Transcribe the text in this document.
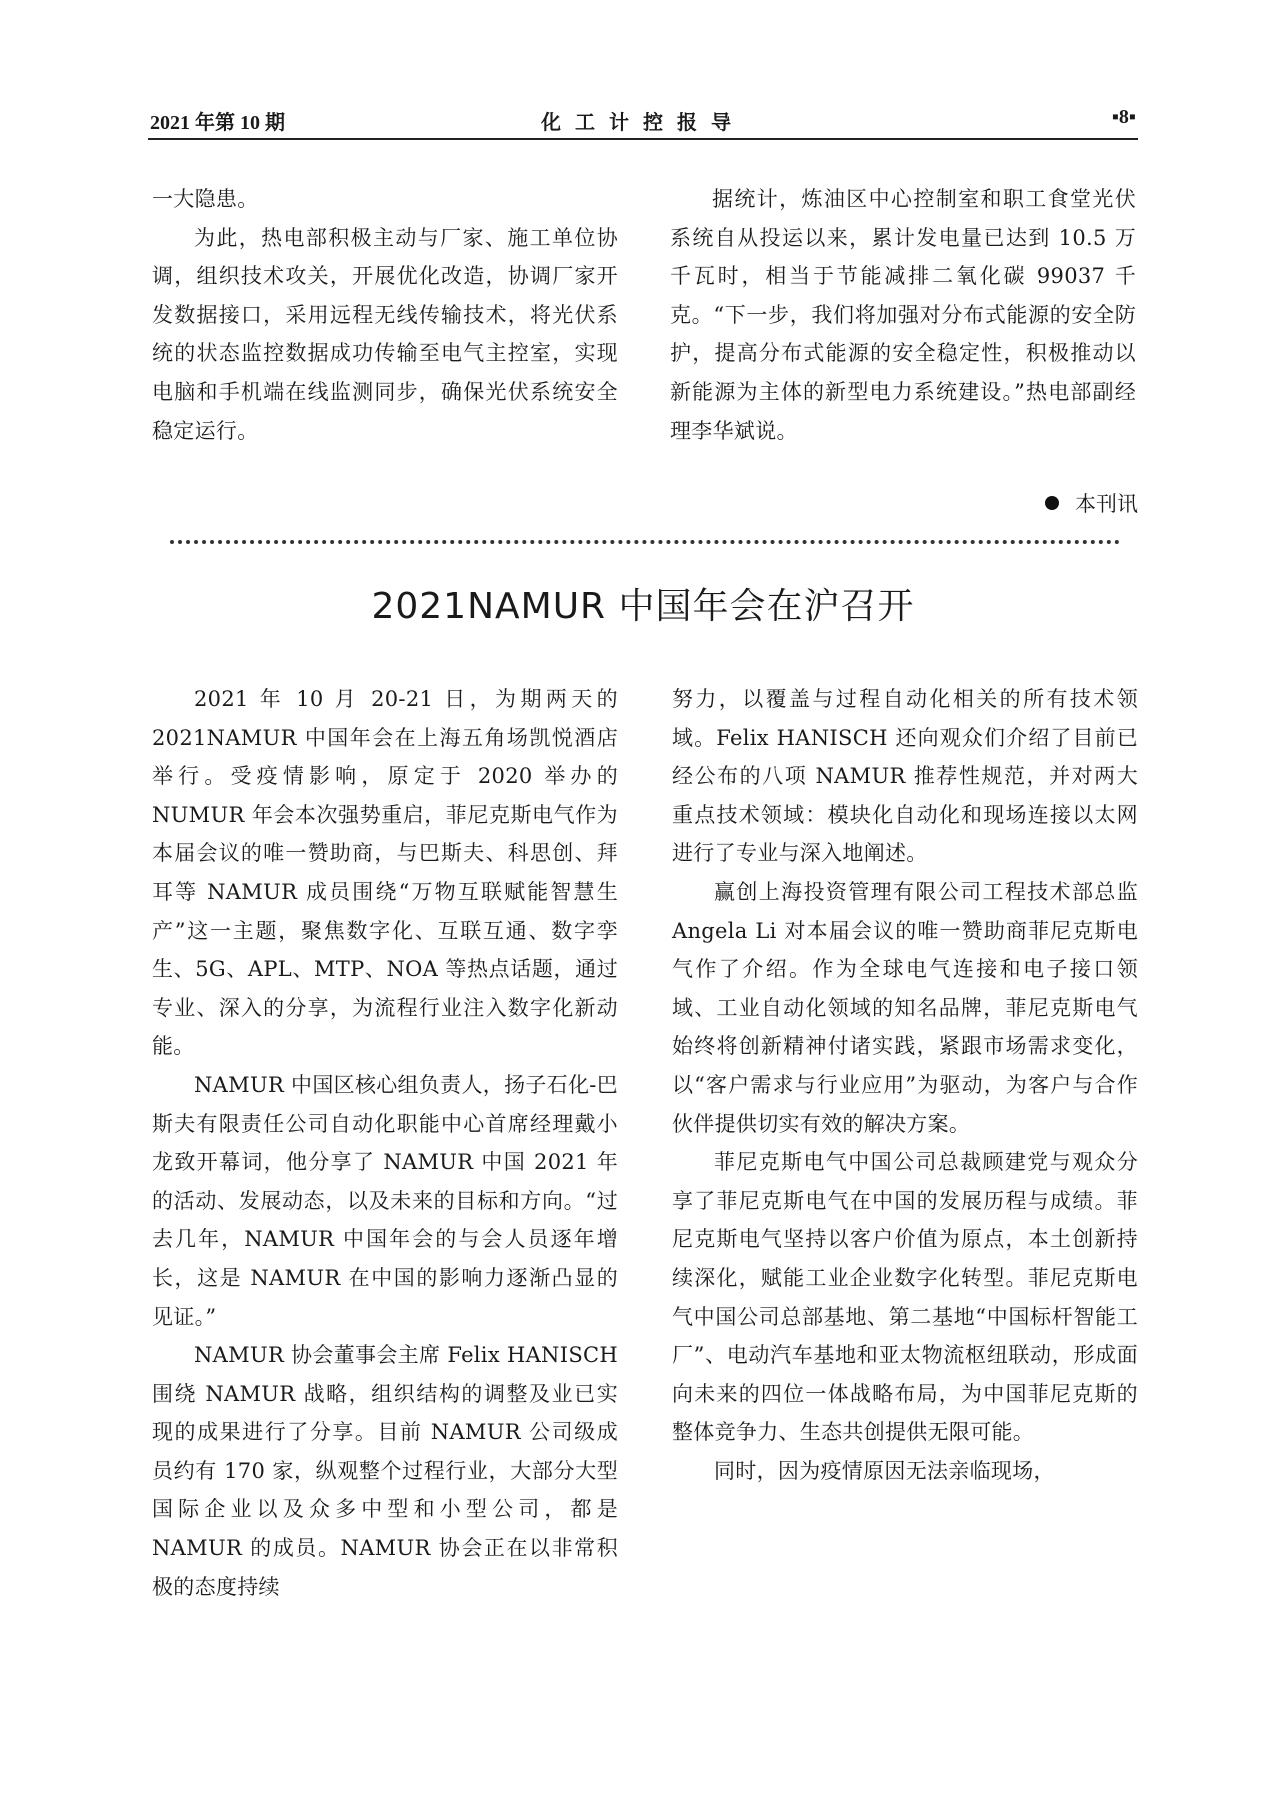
2021 年第 10 期	化工计控报导	▪8▪

一大隐患。

为此，热电部积极主动与厂家、施工单位协调，组织技术攻关，开展优化改造，协调厂家开发数据接口，采用远程无线传输技术，将光伏系统的状态监控数据成功传输至电气主控室，实现电脑和手机端在线监测同步，确保光伏系统安全稳定运行。

据统计，炼油区中心控制室和职工食堂光伏系统自从投运以来，累计发电量已达到 10.5 万千瓦时，相当于节能减排二氧化碳 99037 千克。“下一步，我们将加强对分布式能源的安全防护，提高分布式能源的安全稳定性，积极推动以新能源为主体的新型电力系统建设。”热电部副经理李华斌说。

本刊讯
2021NAMUR 中国年会在沪召开

2021 年 10 月 20-21 日，为期两天的 2021NAMUR 中国年会在上海五角场凯悦酒店举行。受疫情影响，原定于 2020 举办的 NUMUR 年会本次强势重启，菲尼克斯电气作为本届会议的唯一赞助商，与巴斯夫、科思创、拜耳等 NAMUR 成员围绕“万物互联赋能智慧生产”这一主题，聚焦数字化、互联互通、数字孪生、5G、APL、MTP、NOA 等热点话题，通过专业、深入的分享，为流程行业注入数字化新动能。

NAMUR 中国区核心组负责人，扬子石化-巴斯夫有限责任公司自动化职能中心首席经理戴小龙致开幕词，他分享了 NAMUR 中国 2021 年的活动、发展动态，以及未来的目标和方向。“过去几年，NAMUR 中国年会的与会人员逐年增长，这是 NAMUR 在中国的影响力逐渐凸显的见证。”

NAMUR 协会董事会主席 Felix HANISCH 围绕 NAMUR 战略，组织结构的调整及业已实现的成果进行了分享。目前 NAMUR 公司级成员约有 170 家，纵观整个过程行业，大部分大型国际企业以及众多中型和小型公司，都是 NAMUR 的成员。NAMUR 协会正在以非常积极的态度持续

努力，以覆盖与过程自动化相关的所有技术领域。Felix HANISCH 还向观众们介绍了目前已经公布的八项 NAMUR 推荐性规范，并对两大重点技术领域：模块化自动化和现场连接以太网进行了专业与深入地阐述。

赢创上海投资管理有限公司工程技术部总监 Angela Li 对本届会议的唯一赞助商菲尼克斯电气作了介绍。作为全球电气连接和电子接口领域、工业自动化领域的知名品牌，菲尼克斯电气始终将创新精神付诸实践，紧跟市场需求变化，以“客户需求与行业应用”为驱动，为客户与合作伙伴提供切实有效的解决方案。

菲尼克斯电气中国公司总裁顾建党与观众分享了菲尼克斯电气在中国的发展历程与成绩。菲尼克斯电气坚持以客户价值为原点，本土创新持续深化，赋能工业企业数字化转型。菲尼克斯电气中国公司总部基地、第二基地“中国标杆智能工厂”、电动汽车基地和亚太物流枢纽联动，形成面向未来的四位一体战略布局，为中国菲尼克斯的整体竞争力、生态共创提供无限可能。

同时，因为疫情原因无法亲临现场，
